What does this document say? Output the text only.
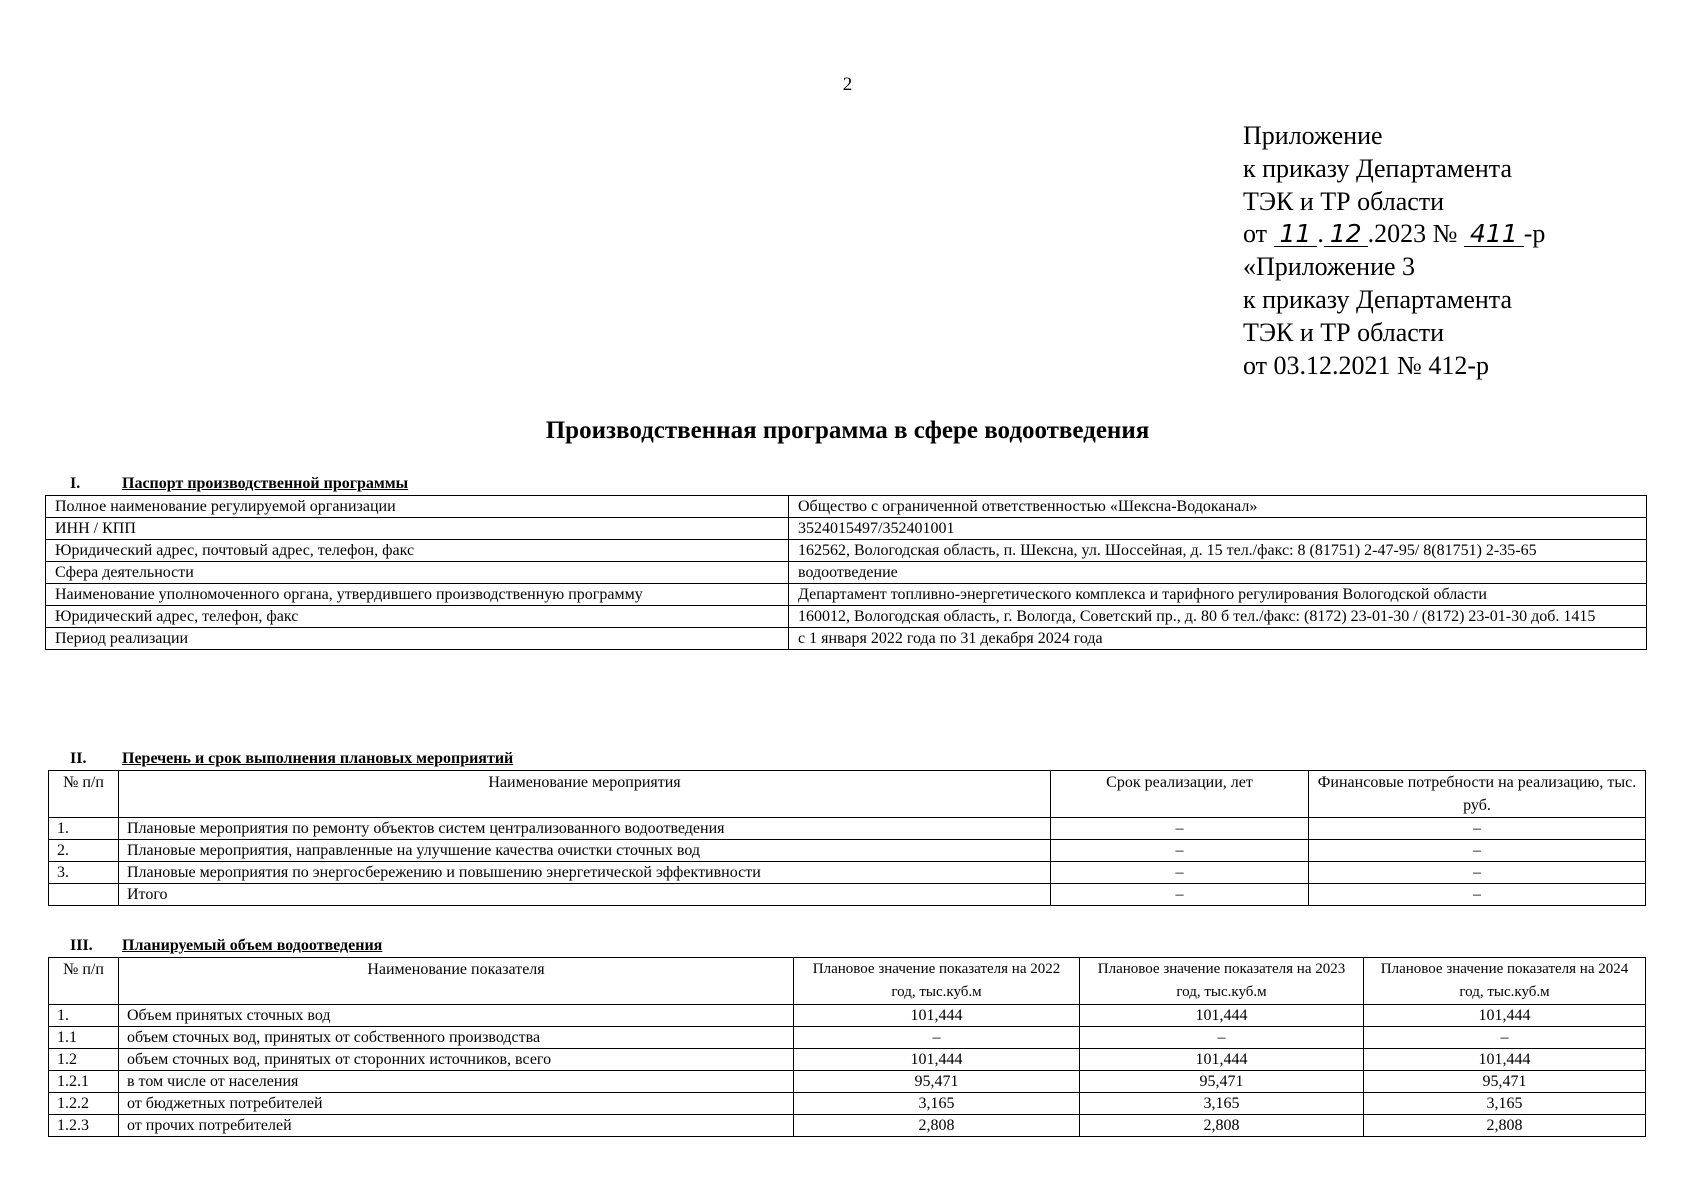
2
Приложение
к приказу Департамента
ТЭК и ТР области
от 11 . 12 .2023 № 411 -р
«Приложение 3
к приказу Департамента
ТЭК и ТР области
от 03.12.2021 № 412-р
Производственная программа в сфере водоотведения
I.	Паспорт производственной программы
Полное наименование регулируемой организации	Общество с ограниченной ответственностью «Шексна-Водоканал»
ИНН / КПП	3524015497/352401001
Юридический адрес, почтовый адрес, телефон, факс	162562, Вологодская область, п. Шексна, ул. Шоссейная, д. 15 тел./факс: 8 (81751) 2-47-95/ 8(81751) 2-35-65
Сфера деятельности	водоотведение
Наименование уполномоченного органа, утвердившего производственную программу	Департамент топливно-энергетического комплекса и тарифного регулирования Вологодской области
Юридический адрес, телефон, факс	160012, Вологодская область, г. Вологда, Советский пр., д. 80 б тел./факс: (8172) 23-01-30 / (8172) 23-01-30 доб. 1415
Период реализации	с 1 января 2022 года по 31 декабря 2024 года
II. Перечень и срок выполнения плановых мероприятий
№ п/п	Наименование мероприятия	Срок реализации, лет	Финансовые потребности на реализацию, тыс. руб.
1.	Плановые мероприятия по ремонту объектов систем централизованного водоотведения	–	–
2.	Плановые мероприятия, направленные на улучшение качества очистки сточных вод	–	–
3.	Плановые мероприятия по энергосбережению и повышению энергетической эффективности	–	–
	Итого	–	–
III. Планируемый объем водоотведения
№ п/п	Наименование показателя	Плановое значение показателя на 2022 год, тыс.куб.м	Плановое значение показателя на 2023 год, тыс.куб.м	Плановое значение показателя на 2024 год, тыс.куб.м
1.	Объем принятых сточных вод	101,444	101,444	101,444
1.1	объем сточных вод, принятых от собственного производства	–	–	–
1.2	объем сточных вод, принятых от сторонних источников, всего	101,444	101,444	101,444
1.2.1	в том числе от населения	95,471	95,471	95,471
1.2.2	от бюджетных потребителей	3,165	3,165	3,165
1.2.3	от прочих потребителей	2,808	2,808	2,808
